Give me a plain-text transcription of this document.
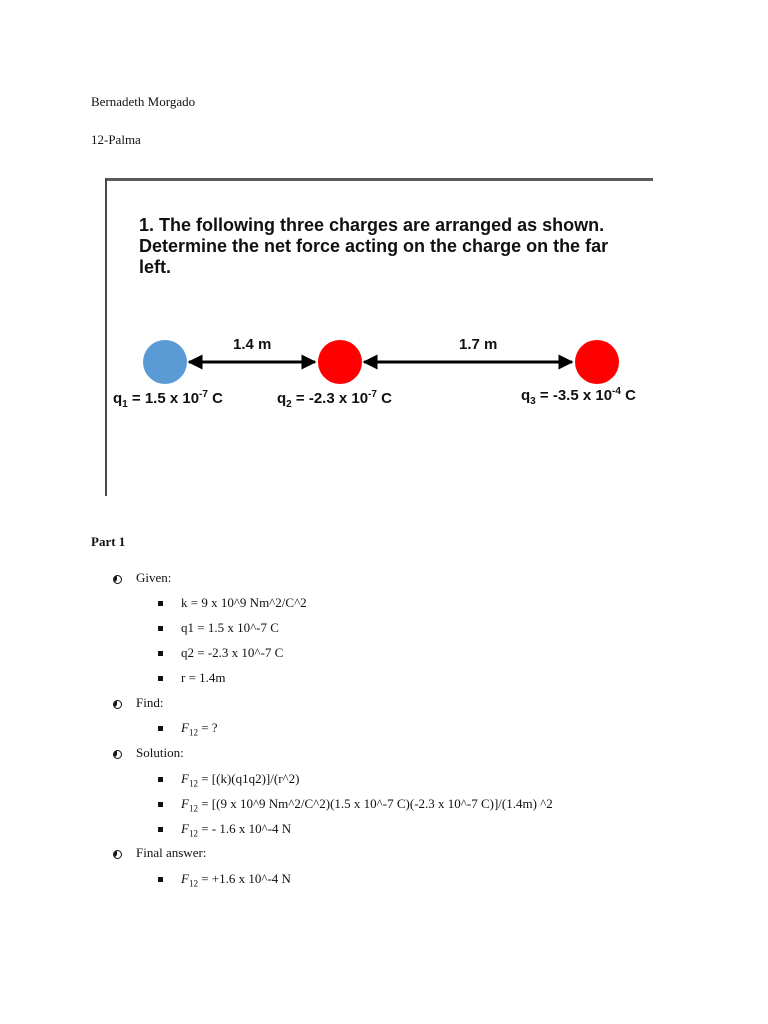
Bernadeth Morgado
12-Palma

1. The following three charges are arranged as shown. Determine the net force acting on the charge on the far left.

1.4 m	1.7 m
$q_1 = 1.5$ x $10^{-7}$ C	$q_2 = -2.3$ x $10^{-7}$ C	$q_3 = -3.5$ x $10^{-4}$ C
Part 1
Given:
k = 9 x 10^9 Nm^2/C^2
q1 = 1.5 x 10^-7 C
q2 = -2.3 x 10^-7 C
r = 1.4m
Find:
$F_{12}$ = ?
Solution:
$F_{12}$ = [(k)(q1q2)]/(r^2)
$F_{12} = [(9$ x 10^9 Nm^2/C^2)(1.5 x 10^-7 C)(-2.3 x 10^-7 C)]/(1.4m) ^2
$F_{12}$ = - 1.6 x 10^-4 N
Final answer:
$F_{12} = +1.6$ x 10^-4 N
